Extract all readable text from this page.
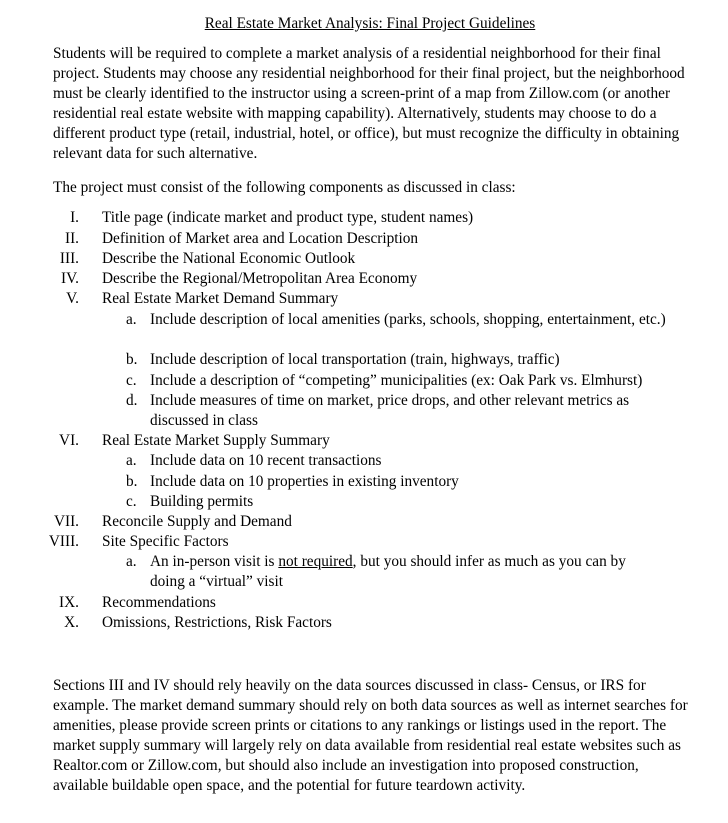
Real Estate Market Analysis: Final Project Guidelines

Students will be required to complete a market analysis of a residential neighborhood for their final project. Students may choose any residential neighborhood for their final project, but the neighborhood must be clearly identified to the instructor using a screen-print of a map from Zillow.com (or another residential real estate website with mapping capability). Alternatively, students may choose to do a different product type (retail, industrial, hotel, or office), but must recognize the difficulty in obtaining relevant data for such alternative.

The project must consist of the following components as discussed in class:

I. Title page (indicate market and product type, student names)
II. Definition of Market area and Location Description
III. Describe the National Economic Outlook
IV. Describe the Regional/Metropolitan Area Economy
V. Real Estate Market Demand Summary
a. Include description of local amenities (parks, schools, shopping, entertainment, etc.)
b. Include description of local transportation (train, highways, traffic)
c. Include a description of “competing” municipalities (ex: Oak Park vs. Elmhurst)
d. Include measures of time on market, price drops, and other relevant metrics as discussed in class
VI. Real Estate Market Supply Summary
a. Include data on 10 recent transactions
b. Include data on 10 properties in existing inventory
c. Building permits
VII. Reconcile Supply and Demand
VIII. Site Specific Factors
a. An in-person visit is not required, but you should infer as much as you can by doing a “virtual” visit
IX. Recommendations
X. Omissions, Restrictions, Risk Factors

Sections III and IV should rely heavily on the data sources discussed in class- Census, or IRS for example. The market demand summary should rely on both data sources as well as internet searches for amenities, please provide screen prints or citations to any rankings or listings used in the report. The market supply summary will largely rely on data available from residential real estate websites such as Realtor.com or Zillow.com, but should also include an investigation into proposed construction, available buildable open space, and the potential for future teardown activity.
